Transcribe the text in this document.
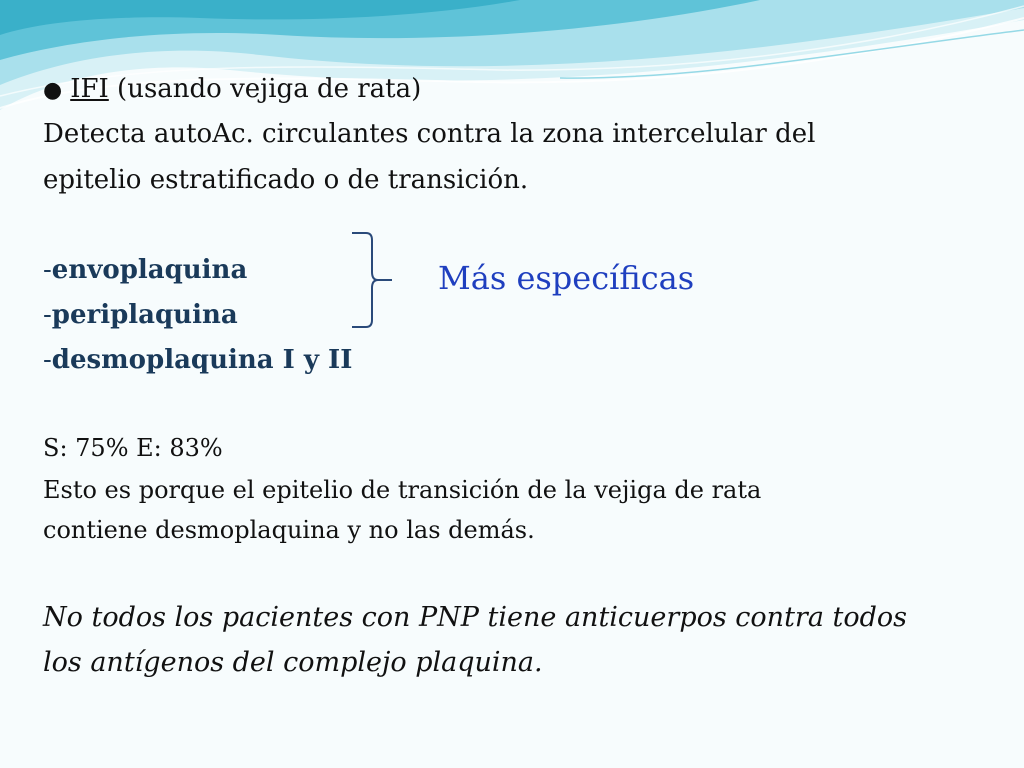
● IFI (usando vejiga de rata)
Detecta autoAc. circulantes contra la zona intercelular del
epitelio estratificado o de transición.
-envoplaquina
-periplaquina
-desmoplaquina I y II
S: 75% E: 83%
Esto es porque el epitelio de transición de la vejiga de rata
contiene desmoplaquina y no las demás.
No todos los pacientes con PNP tiene anticuerpos contra todos
los antígenos del complejo plaquina.
Más específicas
